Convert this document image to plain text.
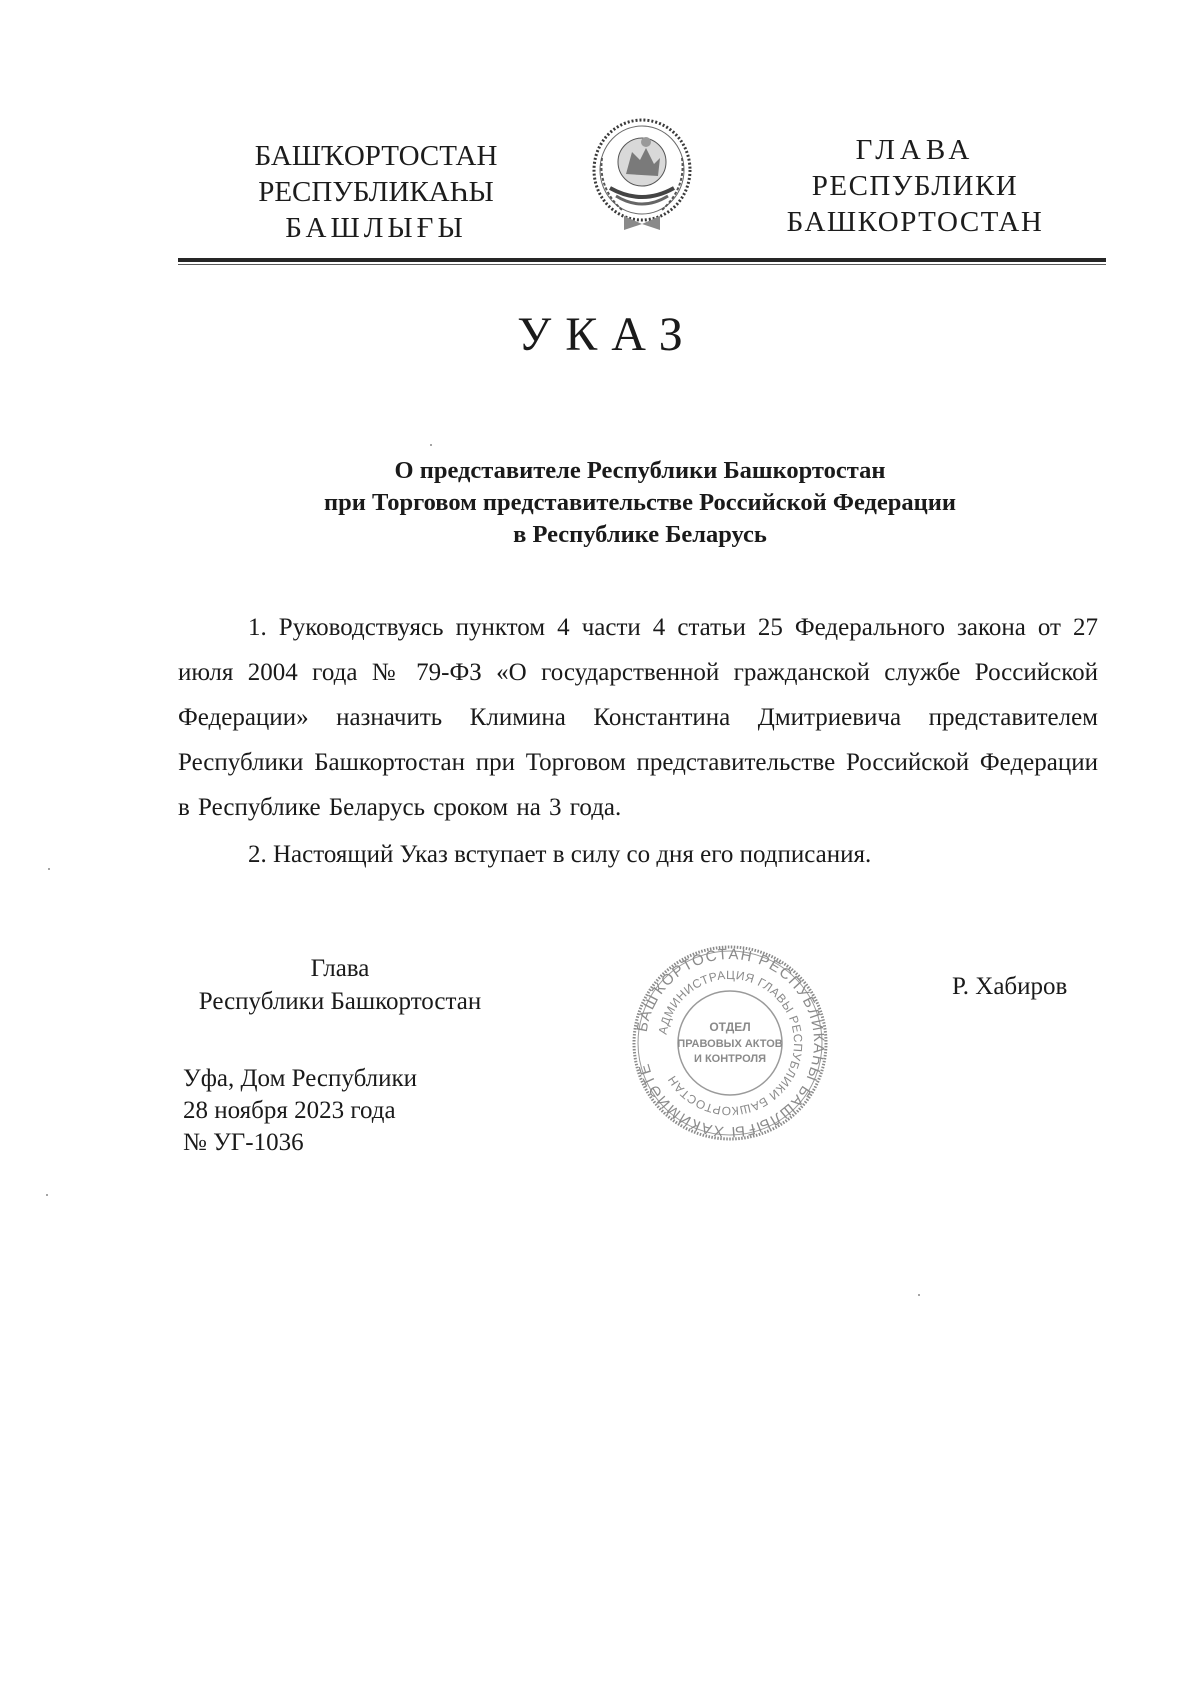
БАШҠОРТОСТАН
РЕСПУБЛИКАҺЫ
БАШЛЫҒЫ
ГЛАВА
РЕСПУБЛИКИ
БАШКОРТОСТАН
УКАЗ
О представителе Республики Башкортостан
при Торговом представительстве Российской Федерации
в Республике Беларусь

1. Руководствуясь пунктом 4 части 4 статьи 25 Федерального закона от 27 июля 2004 года № 79-ФЗ «О государственной гражданской службе Российской Федерации» назначить Климина Константина Дмитриевича представителем Республики Башкортостан при Торговом представительстве Российской Федерации в Республике Беларусь сроком на 3 года.

2. Настоящий Указ вступает в силу со дня его подписания.

Глава
Республики Башкортостан
БАШҠОРТОСТАН РЕСПУБЛИКАҺЫ БАШЛЫҒЫ ХАКИМИӘТЕ
АДМИНИСТРАЦИЯ ГЛАВЫ РЕСПУБЛИКИ БАШКОРТОСТАН
ОТДЕЛ
ПРАВОВЫХ АКТОВ
И КОНТРОЛЯ
Р. Хабиров
Уфа, Дом Республики
28 ноября 2023 года
№ УГ-1036
